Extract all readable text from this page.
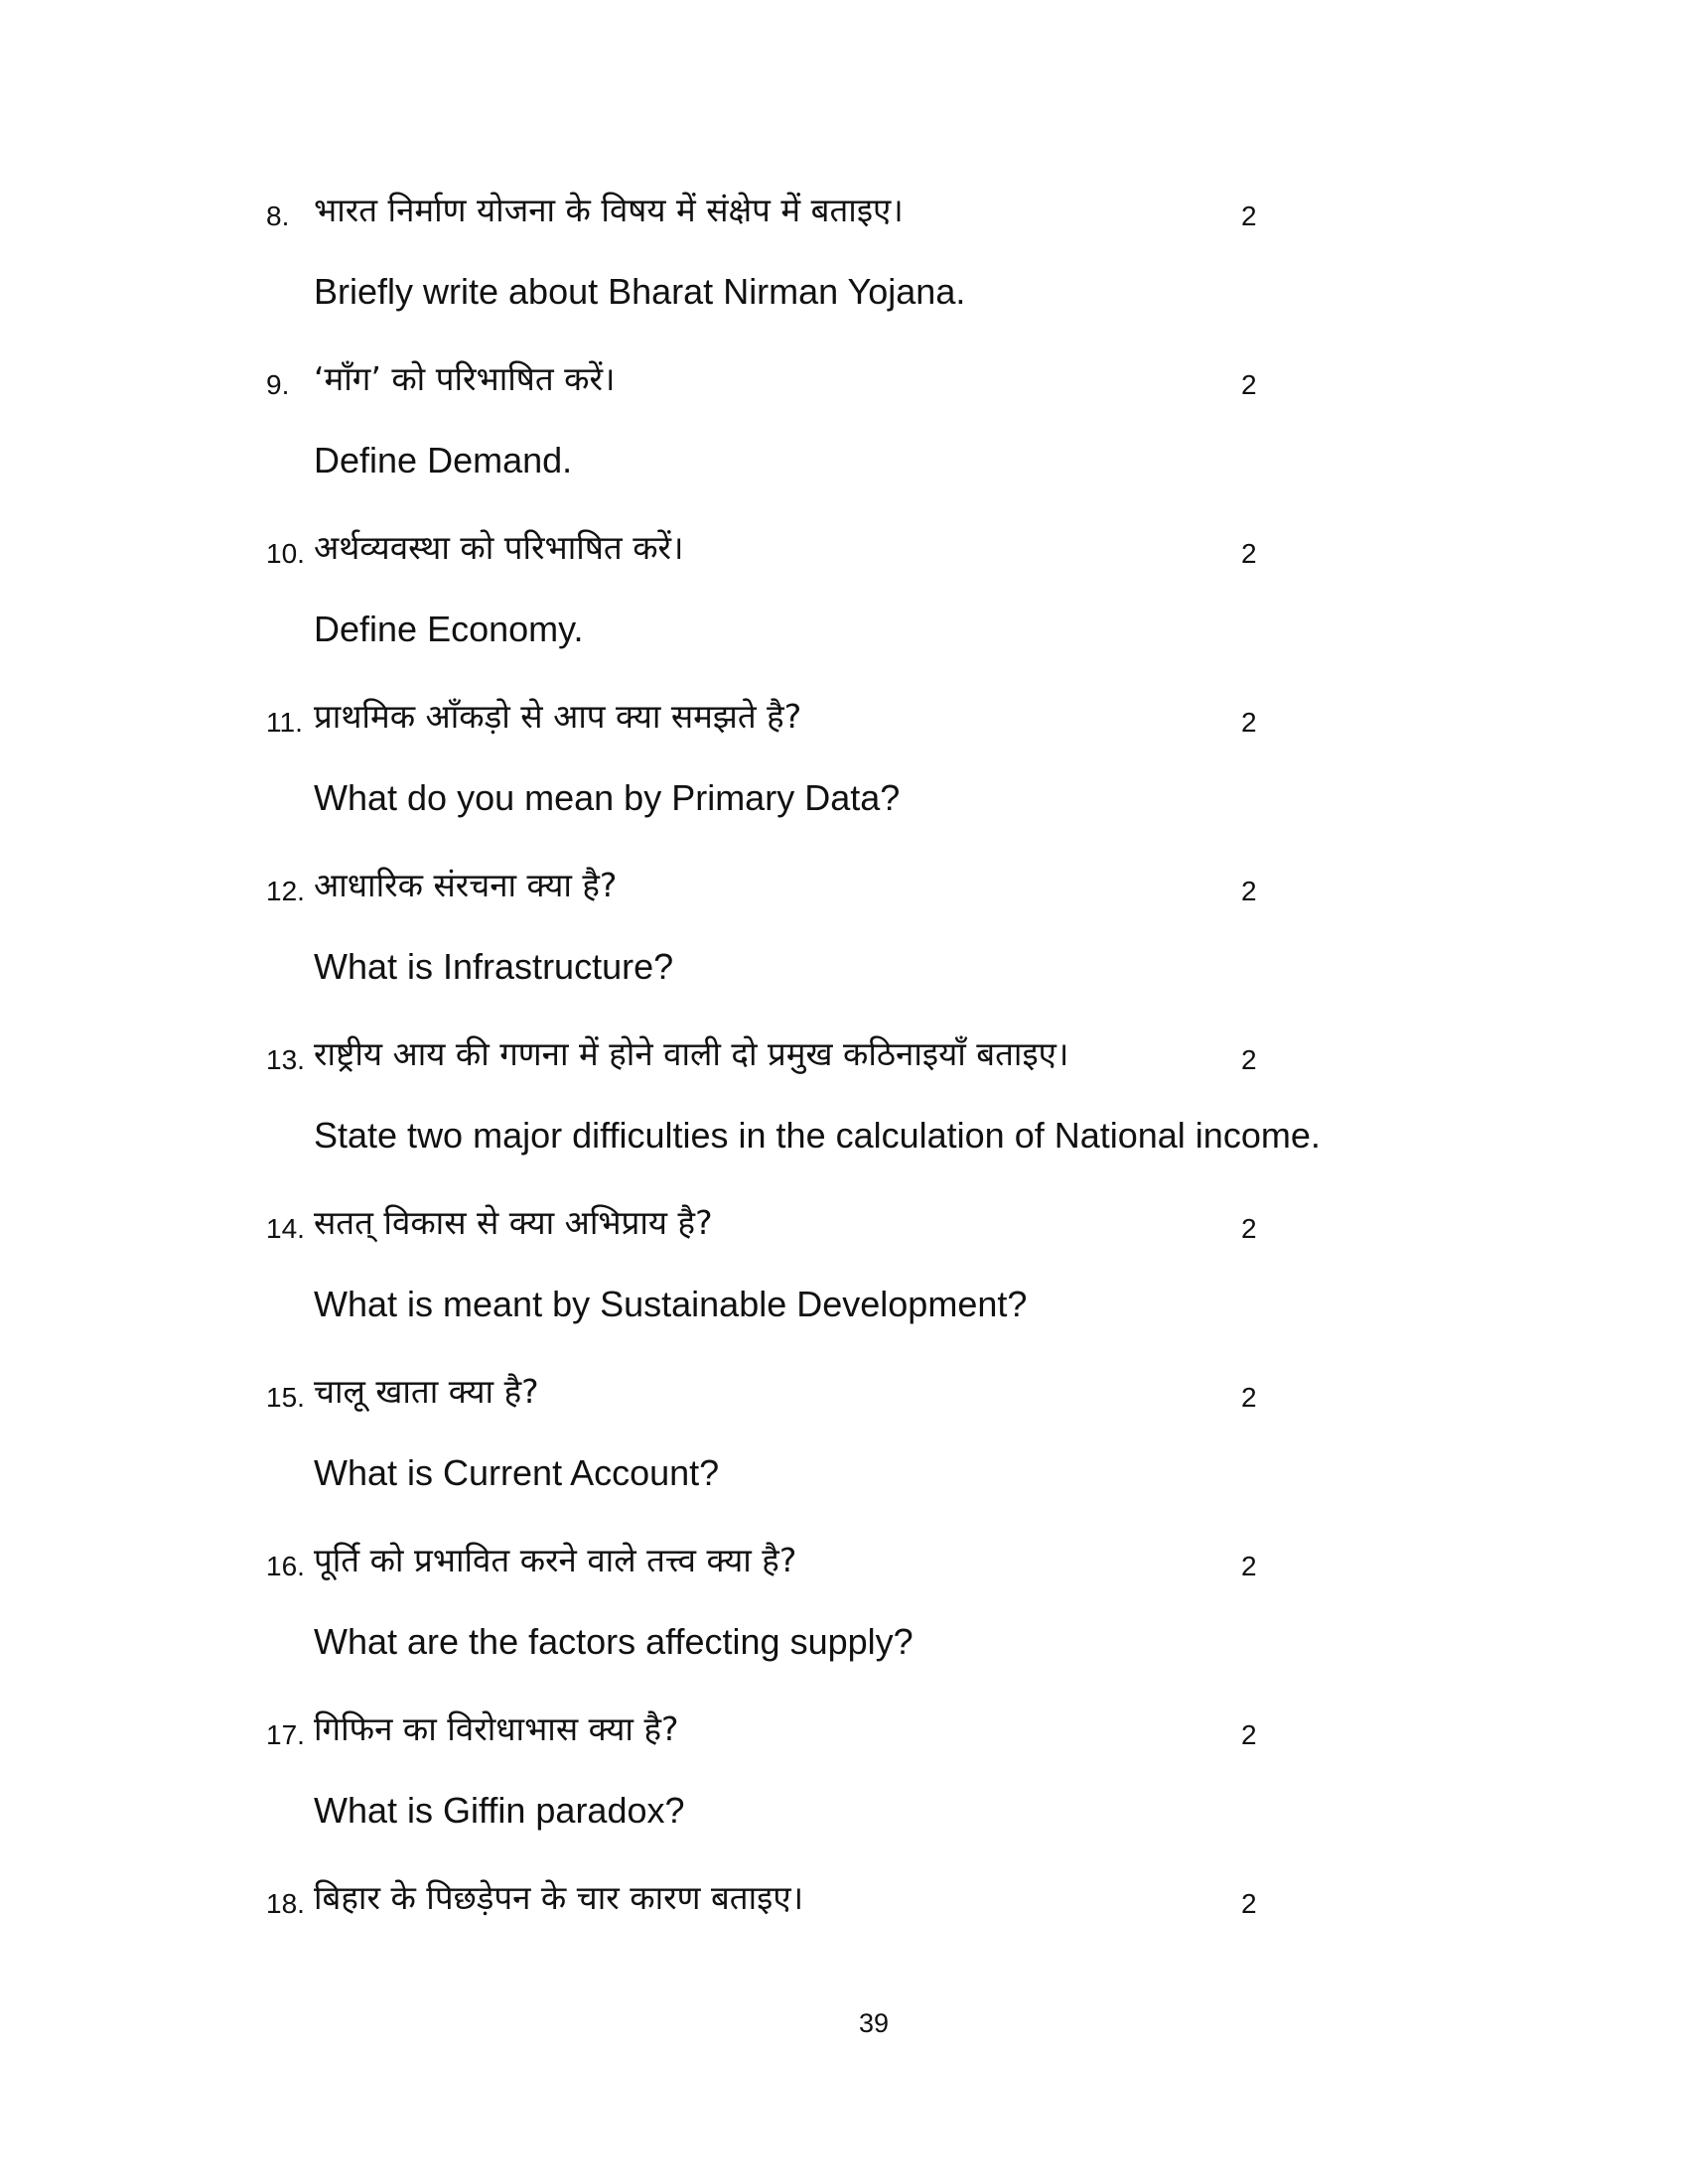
8. भारत निर्माण योजना के विषय में संक्षेप में बताइए।	2
Briefly write about Bharat Nirman Yojana.
9. ‘माँग’ को परिभाषित करें।	2
Define Demand.
10. अर्थव्यवस्था को परिभाषित करें।	2
Define Economy.
11. प्राथमिक आँकड़ो से आप क्या समझते है?	2
What do you mean by Primary Data?
12. आधारिक संरचना क्या है?	2
What is Infrastructure?
13. राष्ट्रीय आय की गणना में होने वाली दो प्रमुख कठिनाइयाँ बताइए।	2
State two major difficulties in the calculation of National income.
14. सतत् विकास से क्या अभिप्राय है?	2
What is meant by Sustainable Development?
15. चालू खाता क्या है?	2
What is Current Account?
16. पूर्ति को प्रभावित करने वाले तत्त्व क्या है?	2
What are the factors affecting supply?
17. गिफिन का विरोधाभास क्या है?	2
What is Giffin paradox?
18. बिहार के पिछड़ेपन के चार कारण बताइए।	2
39
